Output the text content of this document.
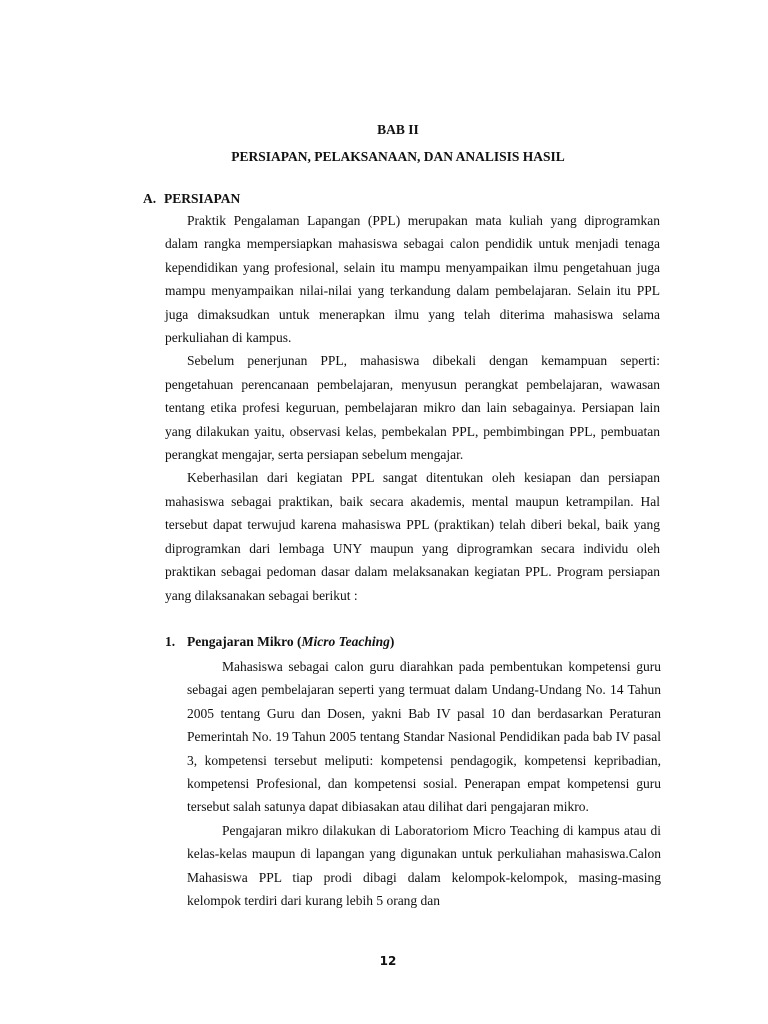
BAB II
PERSIAPAN, PELAKSANAAN, DAN ANALISIS HASIL
A. PERSIAPAN

Praktik Pengalaman Lapangan (PPL) merupakan mata kuliah yang diprogramkan dalam rangka mempersiapkan mahasiswa sebagai calon pendidik untuk menjadi tenaga kependidikan yang profesional, selain itu mampu menyampaikan ilmu pengetahuan juga mampu menyampaikan nilai-nilai yang terkandung dalam pembelajaran. Selain itu PPL juga dimaksudkan untuk menerapkan ilmu yang telah diterima mahasiswa selama perkuliahan di kampus.

Sebelum penerjunan PPL, mahasiswa dibekali dengan kemampuan seperti: pengetahuan perencanaan pembelajaran, menyusun perangkat pembelajaran, wawasan tentang etika profesi keguruan, pembelajaran mikro dan lain sebagainya. Persiapan lain yang dilakukan yaitu, observasi kelas, pembekalan PPL, pembimbingan PPL, pembuatan perangkat mengajar, serta persiapan sebelum mengajar.

Keberhasilan dari kegiatan PPL sangat ditentukan oleh kesiapan dan persiapan mahasiswa sebagai praktikan, baik secara akademis, mental maupun ketrampilan. Hal tersebut dapat terwujud karena mahasiswa PPL (praktikan) telah diberi bekal, baik yang diprogramkan dari lembaga UNY maupun yang diprogramkan secara individu oleh praktikan sebagai pedoman dasar dalam melaksanakan kegiatan PPL. Program persiapan yang dilaksanakan sebagai berikut :

1. Pengajaran Mikro (Micro Teaching)

Mahasiswa sebagai calon guru diarahkan pada pembentukan kompetensi guru sebagai agen pembelajaran seperti yang termuat dalam Undang-Undang No. 14 Tahun 2005 tentang Guru dan Dosen, yakni Bab IV pasal 10 dan berdasarkan Peraturan Pemerintah No. 19 Tahun 2005 tentang Standar Nasional Pendidikan pada bab IV pasal 3, kompetensi tersebut meliputi: kompetensi pendagogik, kompetensi kepribadian, kompetensi Profesional, dan kompetensi sosial. Penerapan empat kompetensi guru tersebut salah satunya dapat dibiasakan atau dilihat dari pengajaran mikro.

Pengajaran mikro dilakukan di Laboratoriom Micro Teaching di kampus atau di kelas-kelas maupun di lapangan yang digunakan untuk perkuliahan mahasiswa.Calon Mahasiswa PPL tiap prodi dibagi dalam kelompok-kelompok, masing-masing kelompok terdiri dari kurang lebih 5 orang dan

12
